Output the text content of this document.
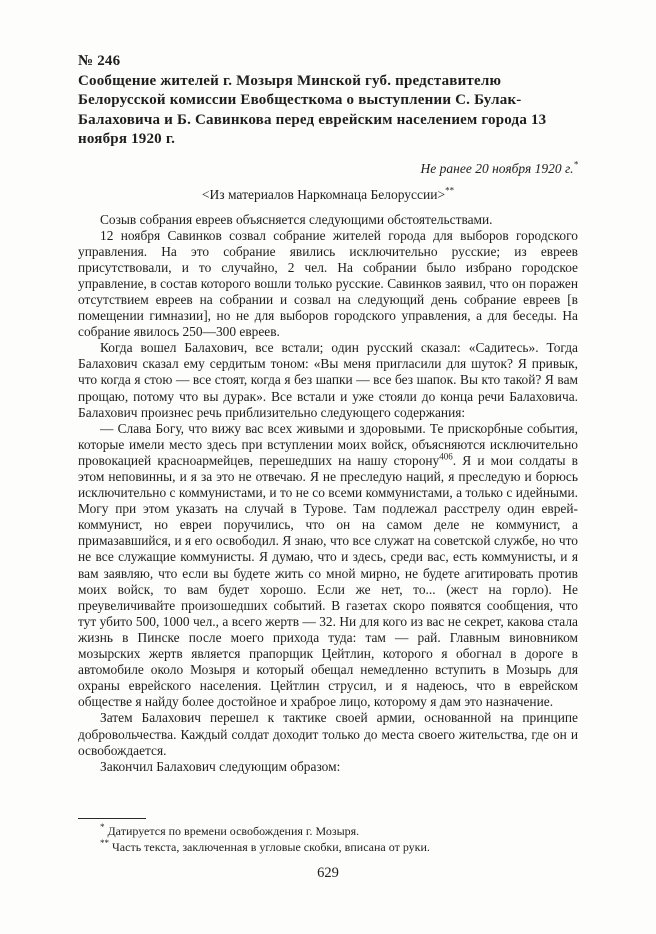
№ 246
Сообщение жителей г. Мозыря Минской губ. представителю Белорусской комиссии Евобщесткома о выступлении С. Булак-Балаховича и Б. Савинкова перед еврейским населением города 13 ноября 1920 г.
Не ранее 20 ноября 1920 г.*
<Из материалов Наркомнаца Белоруссии>**

Созыв собрания евреев объясняется следующими обстоятельствами.

12 ноября Савинков созвал собрание жителей города для выборов городского управления. На это собрание явились исключительно русские; из евреев присутствовали, и то случайно, 2 чел. На собрании было избрано городское управление, в состав которого вошли только русские. Савинков заявил, что он поражен отсутствием евреев на собрании и созвал на следующий день собрание евреев [в помещении гимназии], но не для выборов городского управления, а для беседы. На собрание явилось 250—300 евреев.

Когда вошел Балахович, все встали; один русский сказал: «Садитесь». Тогда Балахович сказал ему сердитым тоном: «Вы меня пригласили для шуток? Я привык, что когда я стою — все стоят, когда я без шапки — все без шапок. Вы кто такой? Я вам прощаю, потому что вы дурак». Все встали и уже стояли до конца речи Балаховича. Балахович произнес речь приблизительно следующего содержания:

— Слава Богу, что вижу вас всех живыми и здоровыми. Те прискорбные события, которые имели место здесь при вступлении моих войск, объясняются исключительно провокацией красноармейцев, перешедших на нашу сторону$^{406}$. Я и мои солдаты в этом неповинны, и я за это не отвечаю. Я не преследую наций, я преследую и борюсь исключительно с коммунистами, и то не со всеми коммунистами, а только с идейными. Могу при этом указать на случай в Турове. Там подлежал расстрелу один еврей-коммунист, но евреи поручились, что он на самом деле не коммунист, а примазавшийся, и я его освободил. Я знаю, что все служат на советской службе, но что не все служащие коммунисты. Я думаю, что и здесь, среди вас, есть коммунисты, и я вам заявляю, что если вы будете жить со мной мирно, не будете агитировать против моих войск, то вам будет хорошо. Если же нет, то... (жест на горло). Не преувеличивайте произошедших событий. В газетах скоро появятся сообщения, что тут убито 500, 1000 чел., а всего жертв — 32. Ни для кого из вас не секрет, какова стала жизнь в Пинске после моего прихода туда: там — рай. Главным виновником мозырских жертв является прапорщик Цейтлин, которого я обогнал в дороге в автомобиле около Мозыря и который обещал немедленно вступить в Мозырь для охраны еврейского населения. Цейтлин струсил, и я надеюсь, что в еврейском обществе я найду более достойное и храброе лицо, которому я дам это назначение.

Затем Балахович перешел к тактике своей армии, основанной на принципе добровольчества. Каждый солдат доходит только до места своего жительства, где он и освобождается.

Закончил Балахович следующим образом:

* Датируется по времени освобождения г. Мозыря.

** Часть текста, заключенная в угловые скобки, вписана от руки.

629
